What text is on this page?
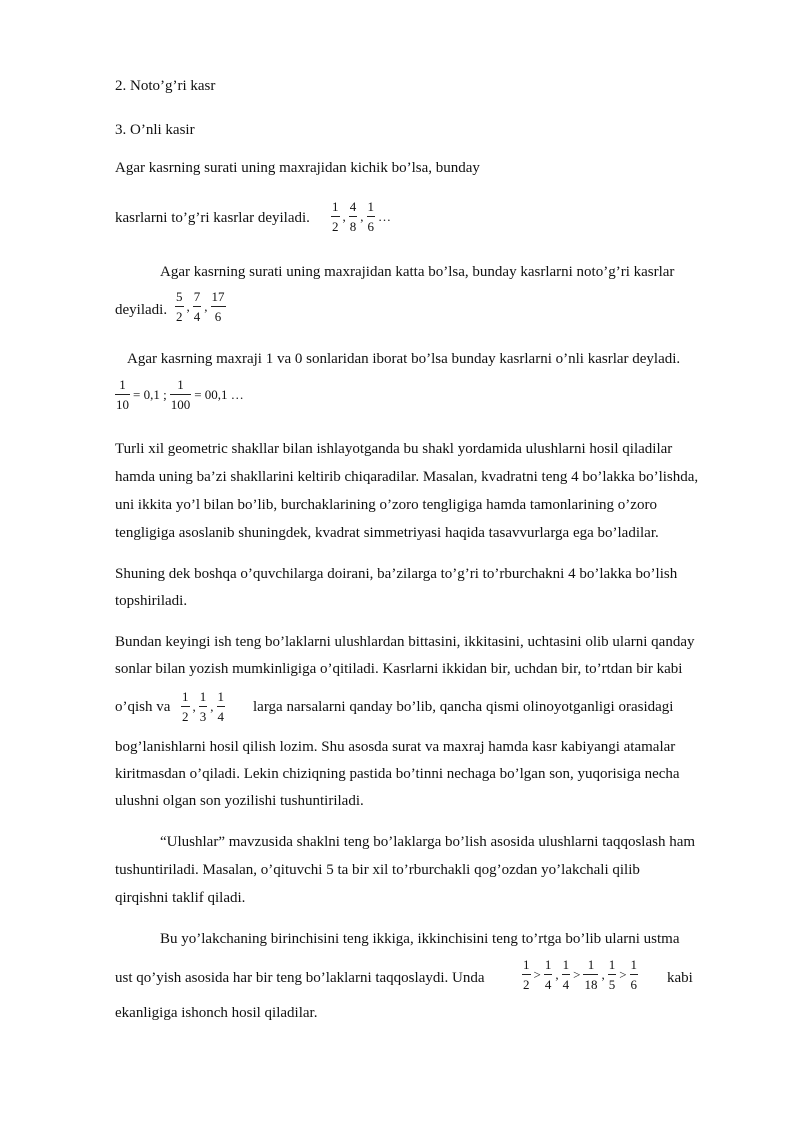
2. Noto’g’ri kasr
3. O’nli kasir
Agar kasrning surati uning maxrajidan kichik bo’lsa, bunday
kasrlarni to’g’ri kasrlar deyiladi. $\frac{1}{2}$ , $\frac{4}{8}$ , $\frac{1}{6}$ …
Agar kasrning surati uning maxrajidan katta bo’lsa, bunday kasrlarni noto’g’ri kasrlar
deyiladi. $\frac{5}{2}$ , $\frac{7}{4}$ , $\frac{17}{6}$
Agar kasrning maxraji 1 va 0 sonlaridan iborat bo’lsa bunday kasrlarni o’nli kasrlar deyladi.
$\frac{1}{10} = 0,1$ ; $\frac{1}{100} = 00,1$ …
Turli xil geometric shakllar bilan ishlayotganda bu shakl yordamida ulushlarni hosil qiladilar
hamda uning ba’zi shakllarini keltirib chiqaradilar. Masalan, kvadratni teng 4 bo’lakka bo’lishda,
uni ikkita yo’l bilan bo’lib, burchaklarining o’zoro tengligiga hamda tamonlarining o’zoro
tengligiga asoslanib shuningdek, kvadrat simmetriyasi haqida tasavvurlarga ega bo’ladilar.
Shuning dek boshqa o’quvchilarga doirani, ba’zilarga to’g’ri to’rburchakni 4 bo’lakka bo’lish
topshiriladi.
Bundan keyingi ish teng bo’laklarni ulushlardan bittasini, ikkitasini, uchtasini olib ularni qanday
sonlar bilan yozish mumkinligiga o’qitiladi. Kasrlarni ikkidan bir, uchdan bir, to’rtdan bir kabi
o’qish va $\frac{1}{2}$ , $\frac{1}{3}$ , $\frac{1}{4}$ larga narsalarni qanday bo’lib, qancha qismi olinoyotganligi orasidagi
bog’lanishlarni hosil qilish lozim. Shu asosda surat va maxraj hamda kasr kabiyangi atamalar
kiritmasdan o’qiladi. Lekin chiziqning pastida bo’tinni nechaga bo’lgan son, yuqorisiga necha
ulushni olgan son yozilishi tushuntiriladi.
“Ulushlar” mavzusida shaklni teng bo’laklarga bo’lish asosida ulushlarni taqqoslash ham
tushuntiriladi. Masalan, o’qituvchi 5 ta bir xil to’rburchakli qog’ozdan yo’lakchali qilib
qirqishni taklif qiladi.
Bu yo’lakchaning birinchisini teng ikkiga, ikkinchisini teng to’rtga bo’lib ularni ustma
ust qo’yish asosida har bir teng bo’laklarni taqqoslaydi. Unda	$\frac{1}{2} > \frac{1}{4}$ , $\frac{1}{4} > \frac{1}{18}$ , $\frac{1}{5} > \frac{1}{6}$ kabi
ekanligiga ishonch hosil qiladilar.
